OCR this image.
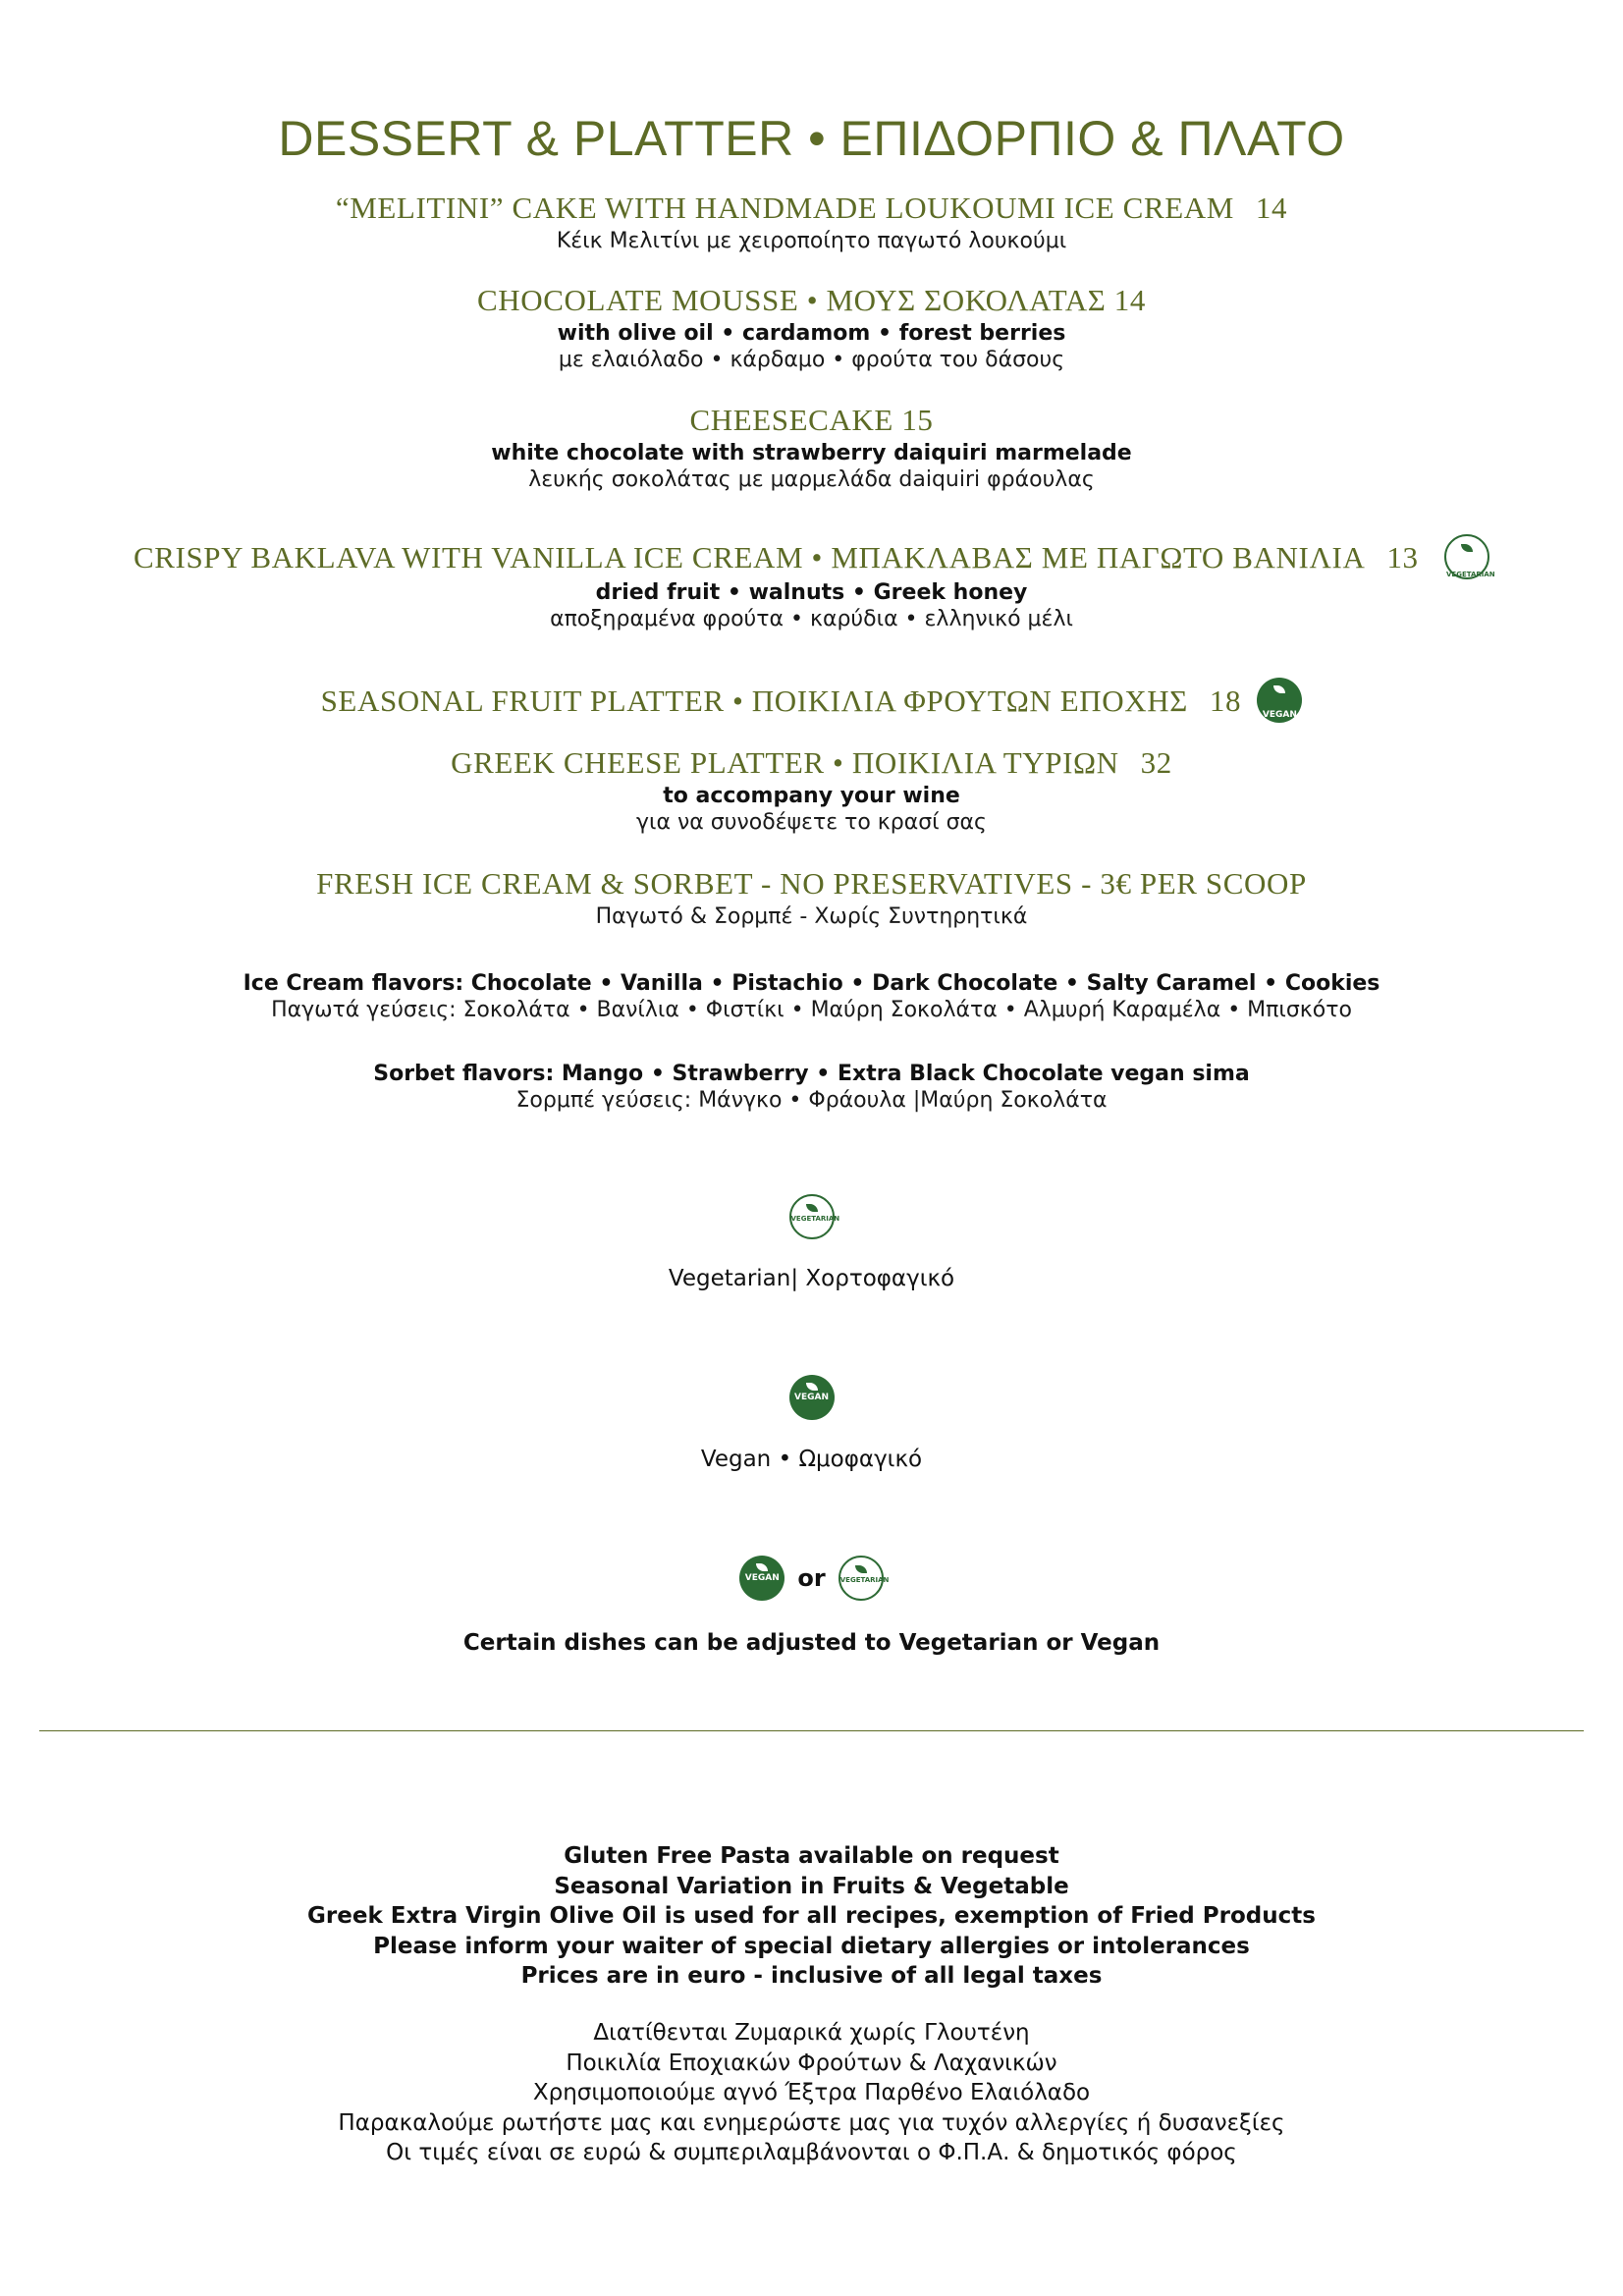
DESSERT & PLATTER • ΕΠΙΔΟΡΠΙΟ & ΠΛΑΤΟ
“MELITINI” CAKE WITH HANDMADE LOUKOUMI ICE CREAM 14
Κέικ Μελιτίνι με χειροποίητο παγωτό λουκούμι
CHOCOLATE MOUSSE • ΜΟΥΣ ΣΟΚΟΛΑΤΑΣ 14
with olive oil • cardamom • forest berries
με ελαιόλαδο • κάρδαμο • φρούτα του δάσους
CHEESECAKE 15
white chocolate with strawberry daiquiri marmelade
λευκής σοκολάτας με μαρμελάδα daiquiri φράουλας
CRISPY BAKLAVA WITH VANILLA ICE CREAM • ΜΠΑΚΛΑΒΑΣ ΜΕ ΠΑΓΩΤΟ ΒΑΝΙΛΙΑ 13	VEGETARIAN
dried fruit • walnuts • Greek honey
αποξηραμένα φρούτα • καρύδια • ελληνικό μέλι
SEASONAL FRUIT PLATTER • ΠΟΙΚΙΛΙΑ ΦΡΟΥΤΩΝ ΕΠΟΧΗΣ 18	VEGAN
GREEK CHEESE PLATTER • ΠΟΙΚΙΛΙΑ ΤΥΡΙΩΝ 32
to accompany your wine
για να συνοδέψετε το κρασί σας
FRESH ICE CREAM & SORBET - NO PRESERVATIVES - 3€ PER SCOOP
Παγωτό & Σορμπέ - Χωρίς Συντηρητικά
Ice Cream flavors: Chocolate • Vanilla • Pistachio • Dark Chocolate • Salty Caramel • Cookies
Παγωτά γεύσεις: Σοκολάτα • Βανίλια • Φιστίκι • Μαύρη Σοκολάτα • Αλμυρή Καραμέλα • Μπισκότο
Sorbet flavors: Mango • Strawberry • Extra Black Chocolate vegan sima
Σορμπέ γεύσεις: Μάνγκο • Φράουλα |Μαύρη Σοκολάτα
VEGETARIAN
Vegetarian| Χορτοφαγικό
VEGAN
Vegan • Ωμοφαγικό
VEGAN or VEGETARIAN
Certain dishes can be adjusted to Vegetarian or Vegan
Gluten Free Pasta available on request
Seasonal Variation in Fruits & Vegetable
Greek Extra Virgin Olive Oil is used for all recipes, exemption of Fried Products
Please inform your waiter of special dietary allergies or intolerances
Prices are in euro - inclusive of all legal taxes
Διατίθενται Ζυμαρικά χωρίς Γλουτένη
Ποικιλία Εποχιακών Φρούτων & Λαχανικών
Χρησιμοποιούμε αγνό Έξτρα Παρθένο Ελαιόλαδο
Παρακαλούμε ρωτήστε μας και ενημερώστε μας για τυχόν αλλεργίες ή δυσανεξίες
Οι τιμές είναι σε ευρώ & συμπεριλαμβάνονται ο Φ.Π.Α. & δημοτικός φόρος
